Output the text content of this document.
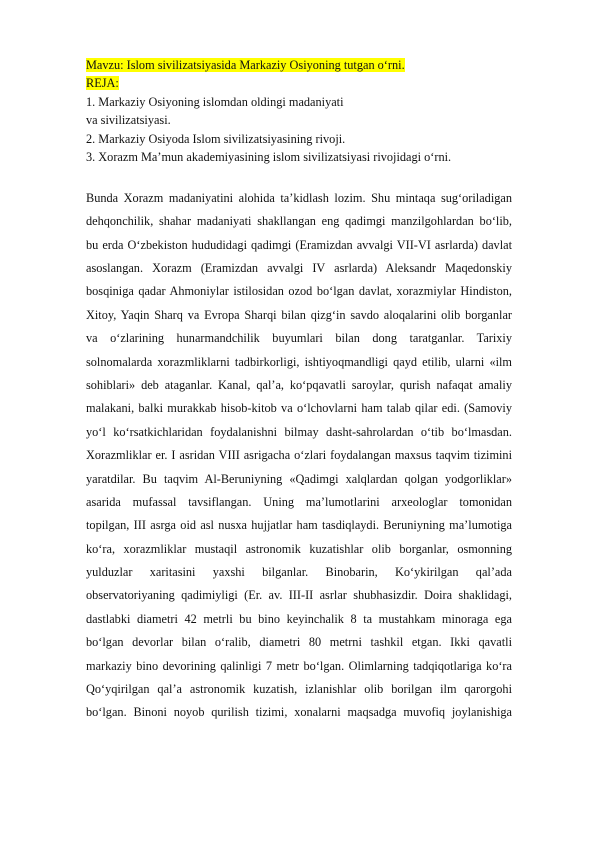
Mavzu: Islom sivilizatsiyasida Markaziy Osiyoning tutgan o‘rni.
REJA:
1. Markaziy Osiyoning islomdan oldingi madaniyati
va sivilizatsiyasi.
2. Markaziy Osiyoda Islom sivilizatsiyasining rivoji.
3. Xorazm Ma’mun akademiyasining islom sivilizatsiyasi rivojidagi o‘rni.
Bunda Xorazm madaniyatini alohida ta’kidlash lozim. Shu mintaqa sug‘oriladigan
dehqonchilik, shahar madaniyati shakllangan eng qadimgi manzilgohlardan bo‘lib,
bu erda O‘zbekiston hududidagi qadimgi (Eramizdan avvalgi VII-VI asrlarda) davlat
asoslangan. Xorazm (Eramizdan avvalgi IV asrlarda) Aleksandr Maqedonskiy
bosqiniga qadar Ahmoniylar istilosidan ozod bo‘lgan davlat, xorazmiylar Hindiston,
Xitoy, Yaqin Sharq va Evropa Sharqi bilan qizg‘in savdo aloqalarini olib borganlar
va o‘zlarining hunarmandchilik buyumlari bilan dong taratganlar. Tarixiy
solnomalarda xorazmliklarni tadbirkorligi, ishtiyoqmandligi qayd etilib, ularni «ilm
sohiblari» deb ataganlar. Kanal, qal’a, ko‘pqavatli saroylar, qurish nafaqat amaliy
malakani, balki murakkab hisob-kitob va o‘lchovlarni ham talab qilar edi. (Samoviy
yo‘l ko‘rsatkichlaridan foydalanishni bilmay dasht-sahrolardan o‘tib bo‘lmasdan.
Xorazmliklar er. I asridan VIII asrigacha o‘zlari foydalangan maxsus taqvim tizimini
yaratdilar. Bu taqvim Al-Beruniyning «Qadimgi xalqlardan qolgan yodgorliklar»
asarida mufassal tavsiflangan. Uning ma’lumotlarini arxeologlar tomonidan
topilgan, III asrga oid asl nusxa hujjatlar ham tasdiqlaydi. Beruniyning ma’lumotiga
ko‘ra, xorazmliklar mustaqil astronomik kuzatishlar olib borganlar, osmonning
yulduzlar xaritasini yaxshi bilganlar. Binobarin, Ko‘ykirilgan qal’ada
observatoriyaning qadimiyligi (Er. av. III-II asrlar shubhasizdir. Doira shaklidagi,
dastlabki diametri 42 metrli bu bino keyinchalik 8 ta mustahkam minoraga ega
bo‘lgan devorlar bilan o‘ralib, diametri 80 metrni tashkil etgan. Ikki qavatli
markaziy bino devorining qalinligi 7 metr bo‘lgan. Olimlarning tadqiqotlariga ko‘ra
Qo‘yqirilgan qal’a astronomik kuzatish, izlanishlar olib borilgan ilm qarorgohi
bo‘lgan. Binoni noyob qurilish tizimi, xonalarni maqsadga muvofiq joylanishiga
